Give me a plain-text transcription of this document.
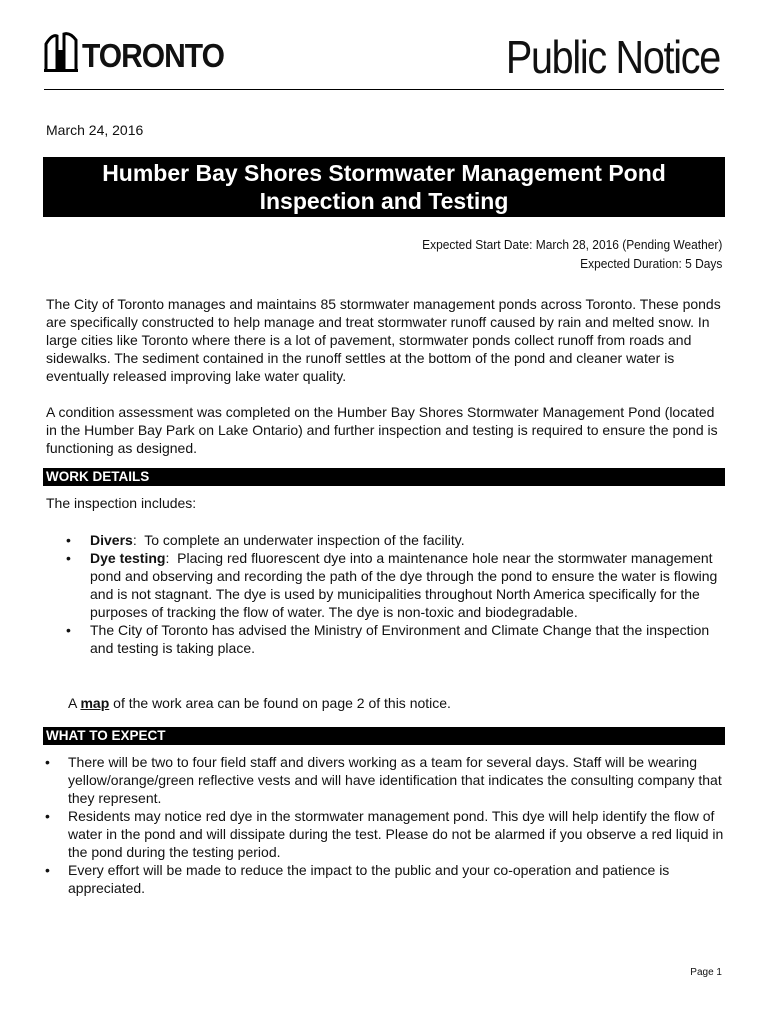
TORONTO	Public Notice
March 24, 2016
Humber Bay Shores Stormwater Management Pond
Inspection and Testing
Expected Start Date: March 28, 2016 (Pending Weather)
Expected Duration: 5 Days
The City of Toronto manages and maintains 85 stormwater management ponds across Toronto. These ponds are specifically constructed to help manage and treat stormwater runoff caused by rain and melted snow. In large cities like Toronto where there is a lot of pavement, stormwater ponds collect runoff from roads and sidewalks. The sediment contained in the runoff settles at the bottom of the pond and cleaner water is eventually released improving lake water quality.
A condition assessment was completed on the Humber Bay Shores Stormwater Management Pond (located in the Humber Bay Park on Lake Ontario) and further inspection and testing is required to ensure the pond is functioning as designed.
WORK DETAILS
The inspection includes:
• Divers:  To complete an underwater inspection of the facility.
• Dye testing:  Placing red fluorescent dye into a maintenance hole near the stormwater management pond and observing and recording the path of the dye through the pond to ensure the water is flowing and is not stagnant. The dye is used by municipalities throughout North America specifically for the purposes of tracking the flow of water. The dye is non-toxic and biodegradable.
• The City of Toronto has advised the Ministry of Environment and Climate Change that the inspection and testing is taking place.
A map of the work area can be found on page 2 of this notice.
WHAT TO EXPECT
• There will be two to four field staff and divers working as a team for several days. Staff will be wearing yellow/orange/green reflective vests and will have identification that indicates the consulting company that they represent.
• Residents may notice red dye in the stormwater management pond. This dye will help identify the flow of water in the pond and will dissipate during the test. Please do not be alarmed if you observe a red liquid in the pond during the testing period.
• Every effort will be made to reduce the impact to the public and your co-operation and patience is appreciated.
Page 1
